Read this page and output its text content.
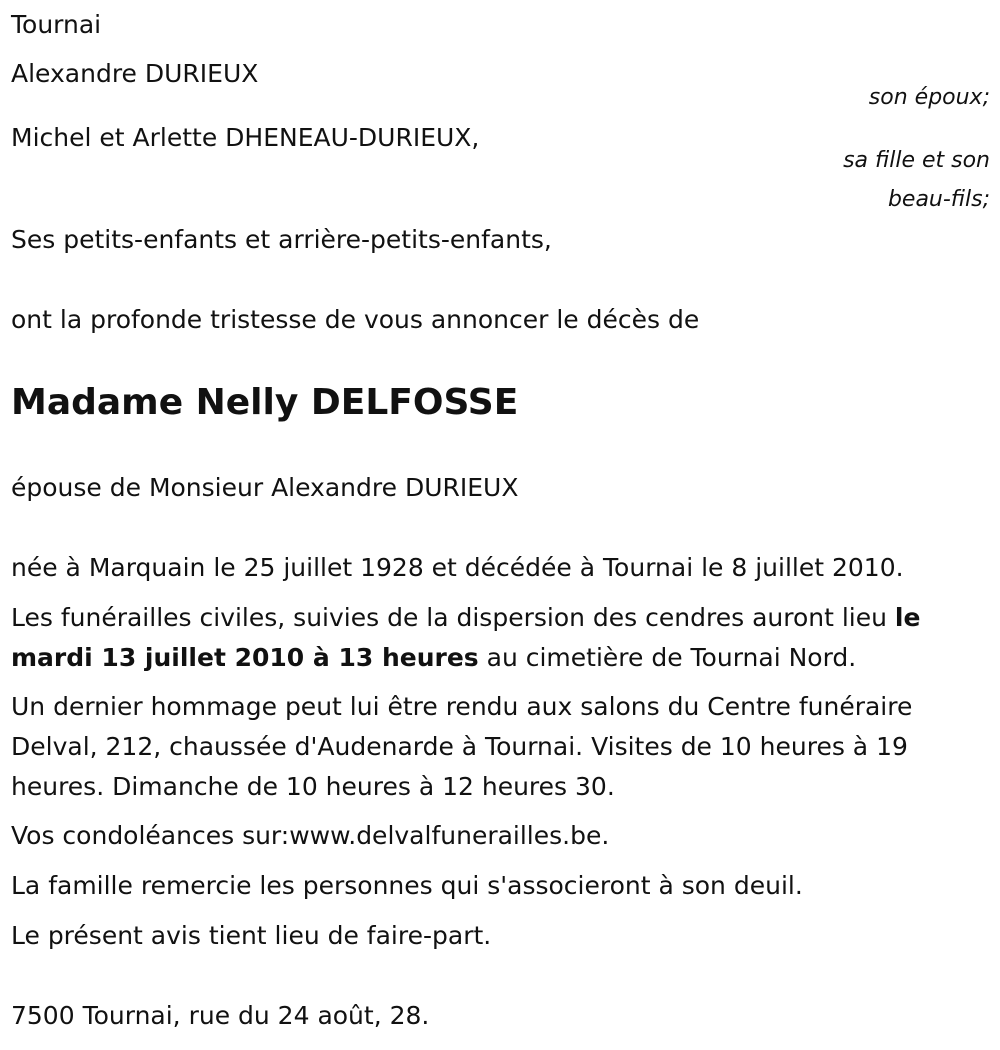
Tournai
Alexandre DURIEUX
son époux;
Michel et Arlette DHENEAU-DURIEUX,
sa fille et son
beau-fils;
Ses petits-enfants et arrière-petits-enfants,
ont la profonde tristesse de vous annoncer le décès de
Madame Nelly DELFOSSE
épouse de Monsieur Alexandre DURIEUX
née à Marquain le 25 juillet 1928 et décédée à Tournai le 8 juillet 2010.
Les funérailles civiles, suivies de la dispersion des cendres auront lieu le mardi 13 juillet 2010 à 13 heures au cimetière de Tournai Nord.
Un dernier hommage peut lui être rendu aux salons du Centre funéraire Delval, 212, chaussée d'Audenarde à Tournai. Visites de 10 heures à 19 heures. Dimanche de 10 heures à 12 heures 30.
Vos condoléances sur:www.delvalfunerailles.be.
La famille remercie les personnes qui s'associeront à son deuil.
Le présent avis tient lieu de faire-part.
7500 Tournai, rue du 24 août, 28.
